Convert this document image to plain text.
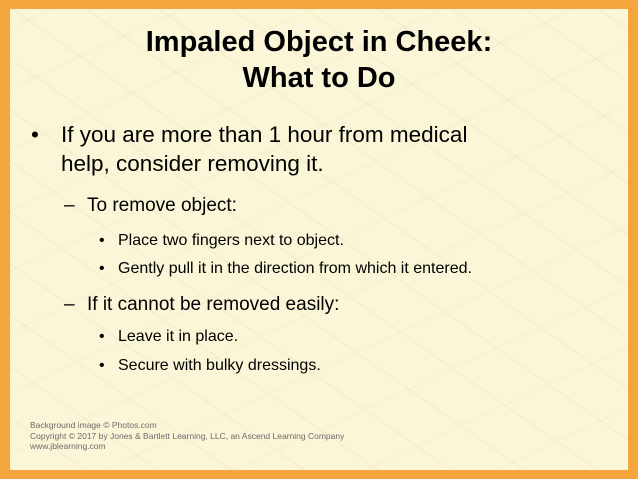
Impaled Object in Cheek:
What to Do
• If you are more than 1 hour from medical
help, consider removing it.
– To remove object:
• Place two fingers next to object.
• Gently pull it in the direction from which it entered.
– If it cannot be removed easily:
• Leave it in place.
• Secure with bulky dressings.
Background image © Photos.com
Copyright © 2017 by Jones & Bartlett Learning, LLC, an Ascend Learning Company
www.jblearning.com
